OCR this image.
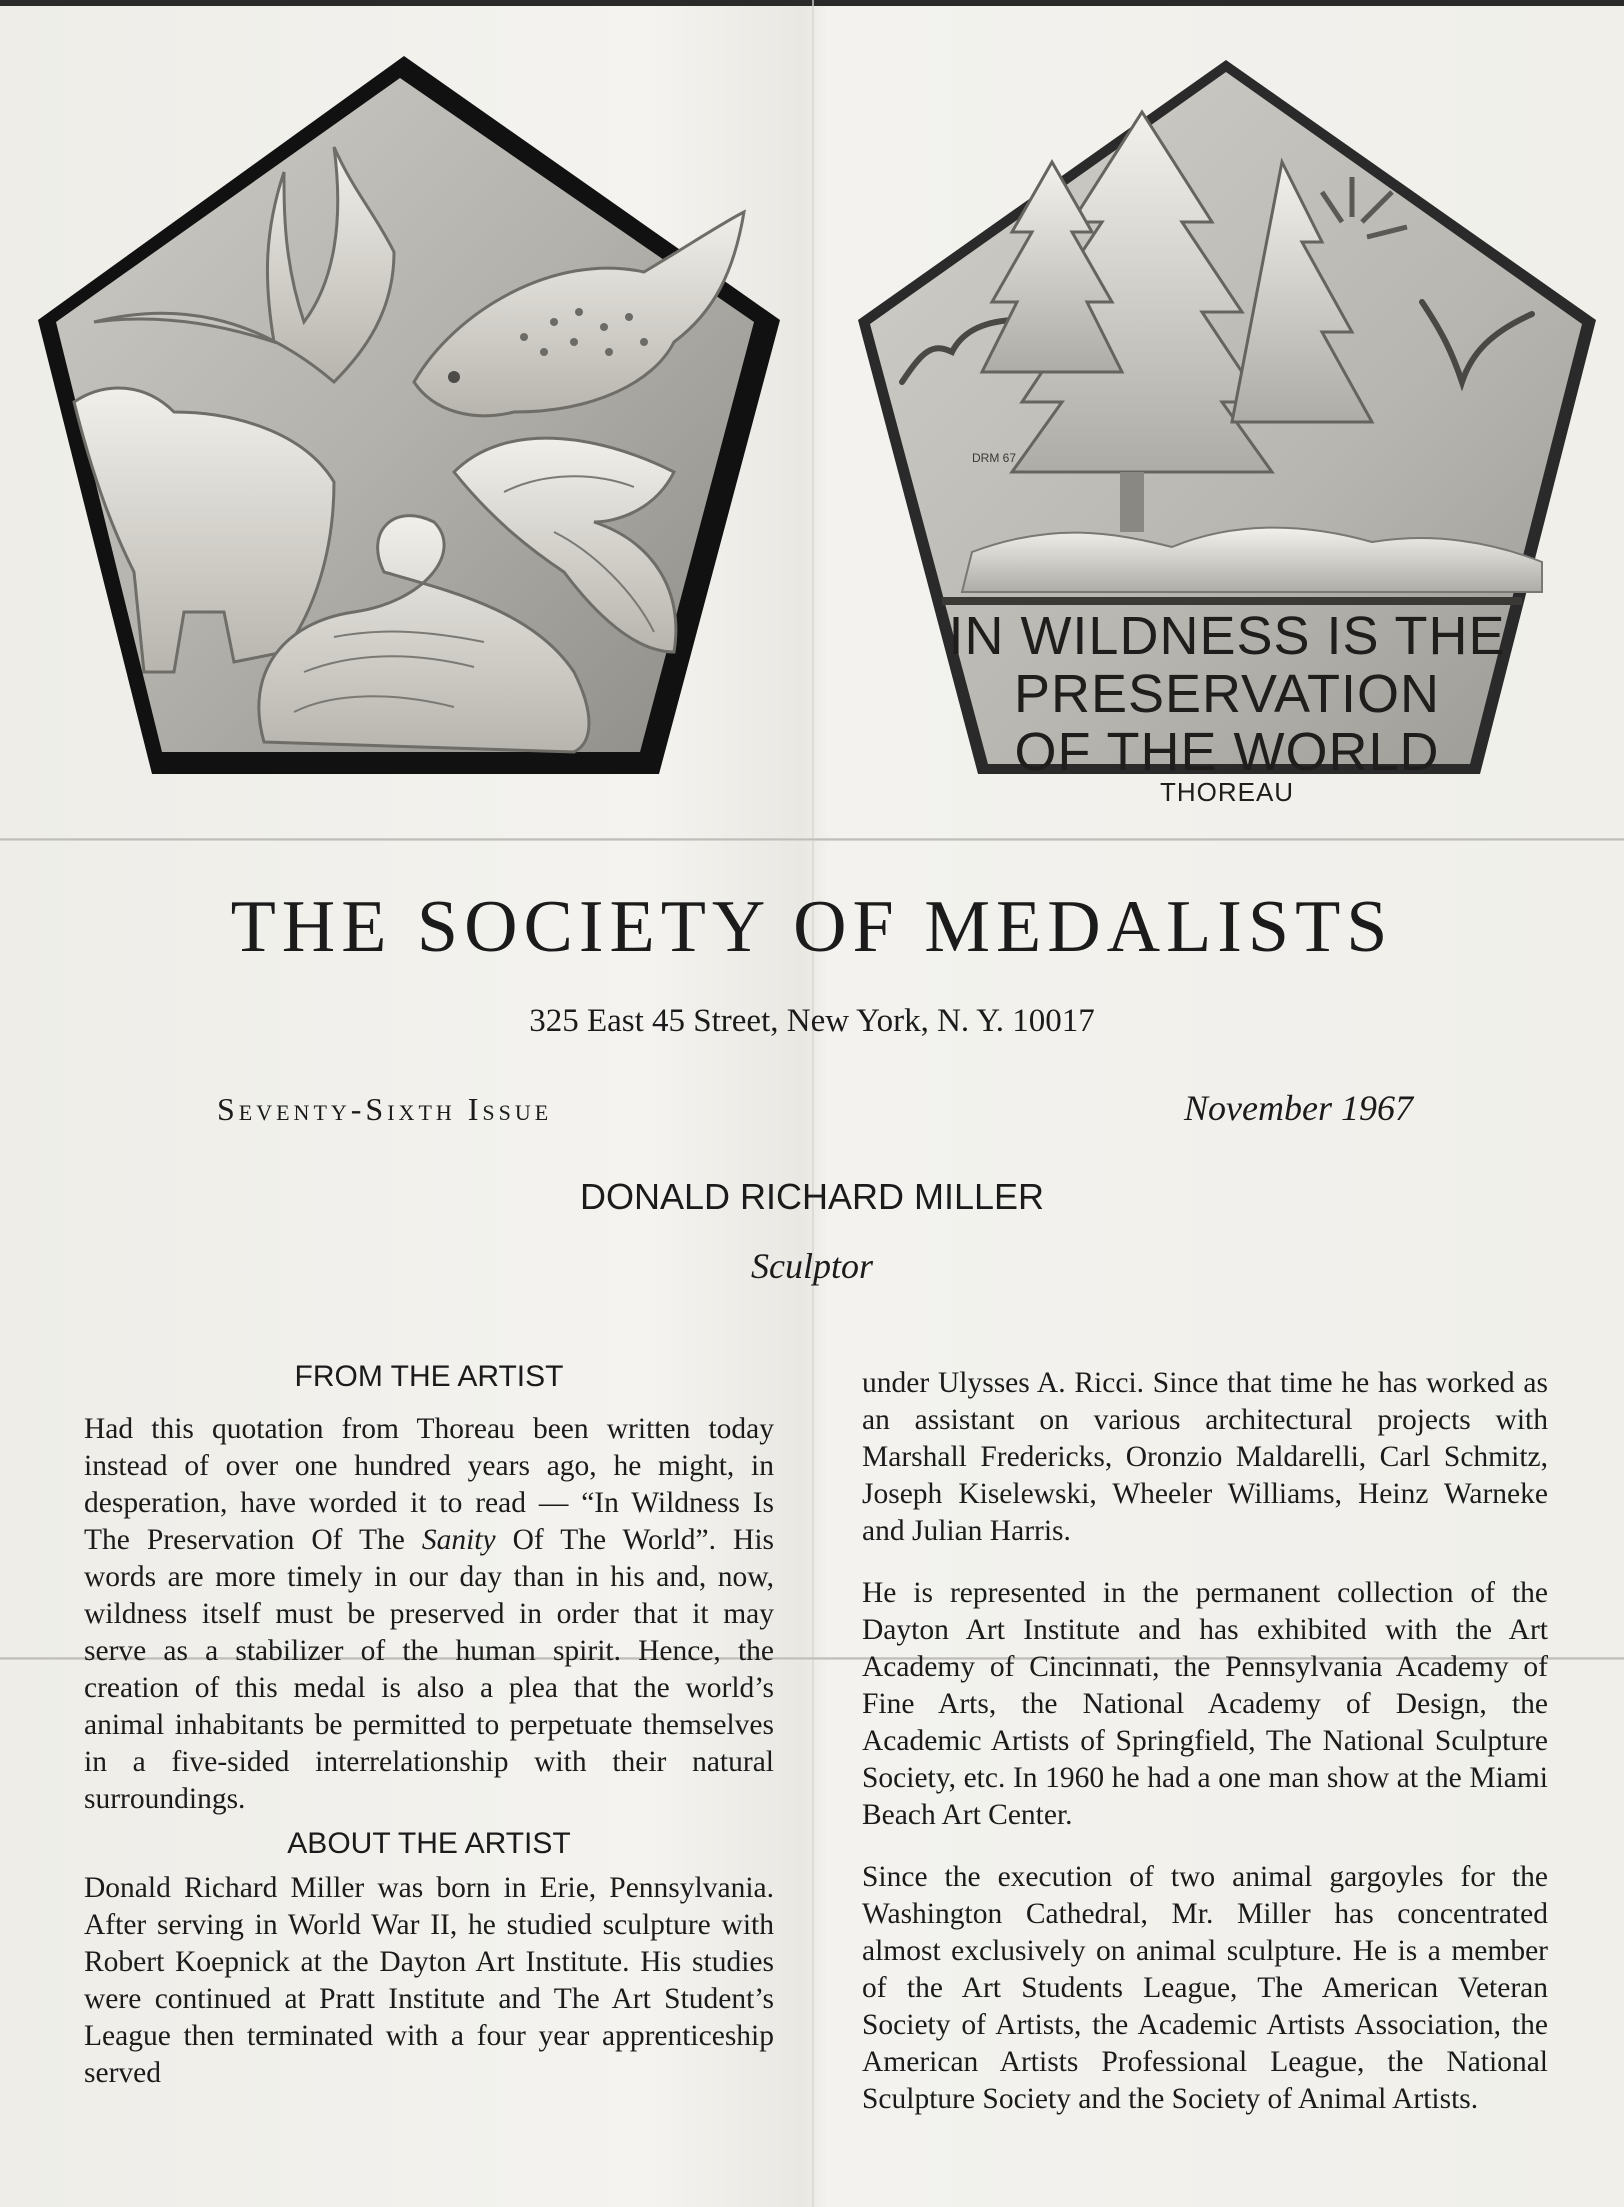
DRM 67
IN WILDNESS IS THE
PRESERVATION
OF THE WORLD
THOREAU
THE SOCIETY OF MEDALISTS
325 East 45 Street, New York, N. Y. 10017
Seventy-Sixth Issue	November 1967
DONALD RICHARD MILLER
Sculptor
FROM THE ARTIST

Had this quotation from Thoreau been written today instead of over one hundred years ago, he might, in desperation, have worded it to read — “In Wildness Is The Preservation Of The Sanity Of The World”. His words are more timely in our day than in his and, now, wildness itself must be preserved in order that it may serve as a stabilizer of the human spirit. Hence, the creation of this medal is also a plea that the world’s animal inhabitants be permitted to perpetuate themselves in a five-sided interrelationship with their natural surroundings.

ABOUT THE ARTIST

Donald Richard Miller was born in Erie, Pennsylvania. After serving in World War II, he studied sculpture with Robert Koepnick at the Dayton Art Institute. His studies were continued at Pratt Institute and The Art Student’s League then terminated with a four year apprenticeship served

under Ulysses A. Ricci. Since that time he has worked as an assistant on various architectural projects with Marshall Fredericks, Oronzio Maldarelli, Carl Schmitz, Joseph Kiselewski, Wheeler Williams, Heinz Warneke and Julian Harris.

He is represented in the permanent collection of the Dayton Art Institute and has exhibited with the Art Academy of Cincinnati, the Pennsylvania Academy of Fine Arts, the National Academy of Design, the Academic Artists of Springfield, The National Sculpture Society, etc. In 1960 he had a one man show at the Miami Beach Art Center.

Since the execution of two animal gargoyles for the Washington Cathedral, Mr. Miller has concentrated almost exclusively on animal sculpture. He is a member of the Art Students League, The American Veteran Society of Artists, the Academic Artists Association, the American Artists Professional League, the National Sculpture Society and the Society of Animal Artists.
